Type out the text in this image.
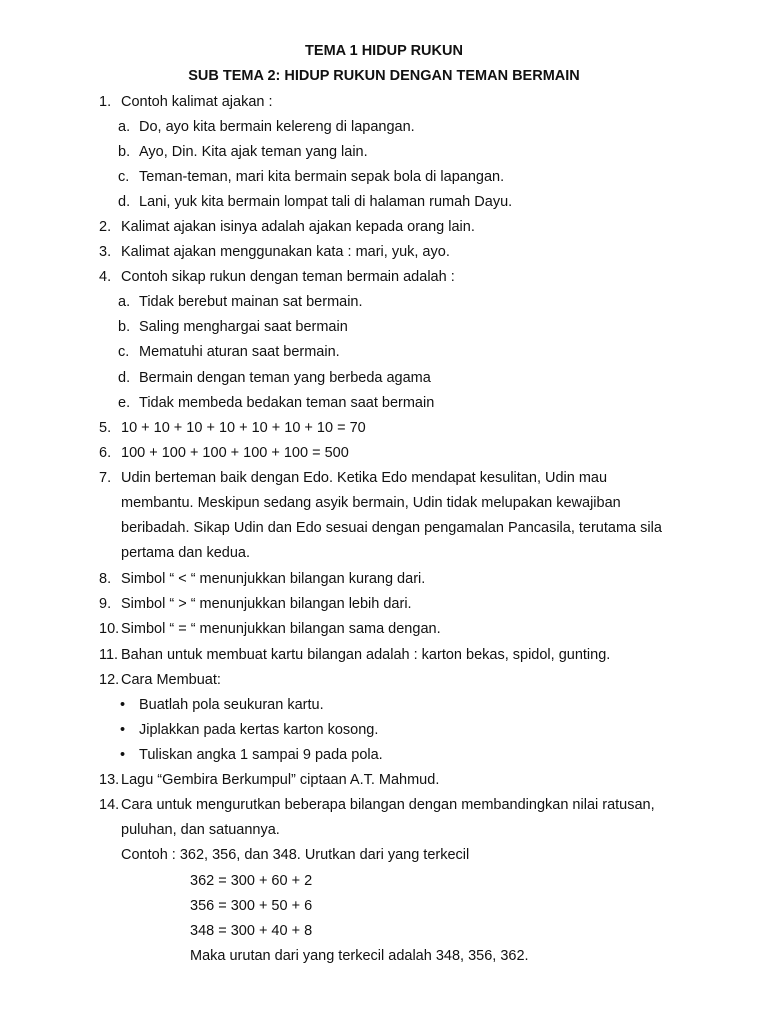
TEMA 1 HIDUP RUKUN
SUB TEMA 2: HIDUP RUKUN DENGAN TEMAN BERMAIN
1. Contoh kalimat ajakan :
a. Do, ayo kita bermain kelereng di lapangan.
b. Ayo, Din. Kita ajak teman yang lain.
c. Teman-teman, mari kita bermain sepak bola di lapangan.
d. Lani, yuk kita bermain lompat tali di halaman rumah Dayu.
2. Kalimat ajakan isinya adalah ajakan kepada orang lain.
3. Kalimat ajakan menggunakan kata : mari, yuk, ayo.
4. Contoh sikap rukun dengan teman bermain adalah :
a. Tidak berebut mainan sat bermain.
b. Saling menghargai saat bermain
c. Mematuhi aturan saat bermain.
d. Bermain dengan teman yang berbeda agama
e. Tidak membeda bedakan teman saat bermain
5. 10 + 10 + 10 + 10 + 10 + 10 + 10 = 70
6. 100 + 100 + 100 + 100 + 100 = 500
7. Udin berteman baik dengan Edo. Ketika Edo mendapat kesulitan, Udin mau
membantu. Meskipun sedang asyik bermain, Udin tidak melupakan kewajiban
beribadah. Sikap Udin dan Edo sesuai dengan pengamalan Pancasila, terutama sila
pertama dan kedua.
8. Simbol “ < “ menunjukkan bilangan kurang dari.
9. Simbol “ > “ menunjukkan bilangan lebih dari.
10. Simbol “ = “ menunjukkan bilangan sama dengan.
11. Bahan untuk membuat kartu bilangan adalah : karton bekas, spidol, gunting.
12. Cara Membuat:
• Buatlah pola seukuran kartu.
• Jiplakkan pada kertas karton kosong.
• Tuliskan angka 1 sampai 9 pada pola.
13. Lagu “Gembira Berkumpul” ciptaan A.T. Mahmud.
14. Cara untuk mengurutkan beberapa bilangan dengan membandingkan nilai ratusan,
puluhan, dan satuannya.
Contoh : 362, 356, dan 348. Urutkan dari yang terkecil
362 = 300 + 60 + 2
356 = 300 + 50 + 6
348 = 300 + 40 + 8
Maka urutan dari yang terkecil adalah 348, 356, 362.
